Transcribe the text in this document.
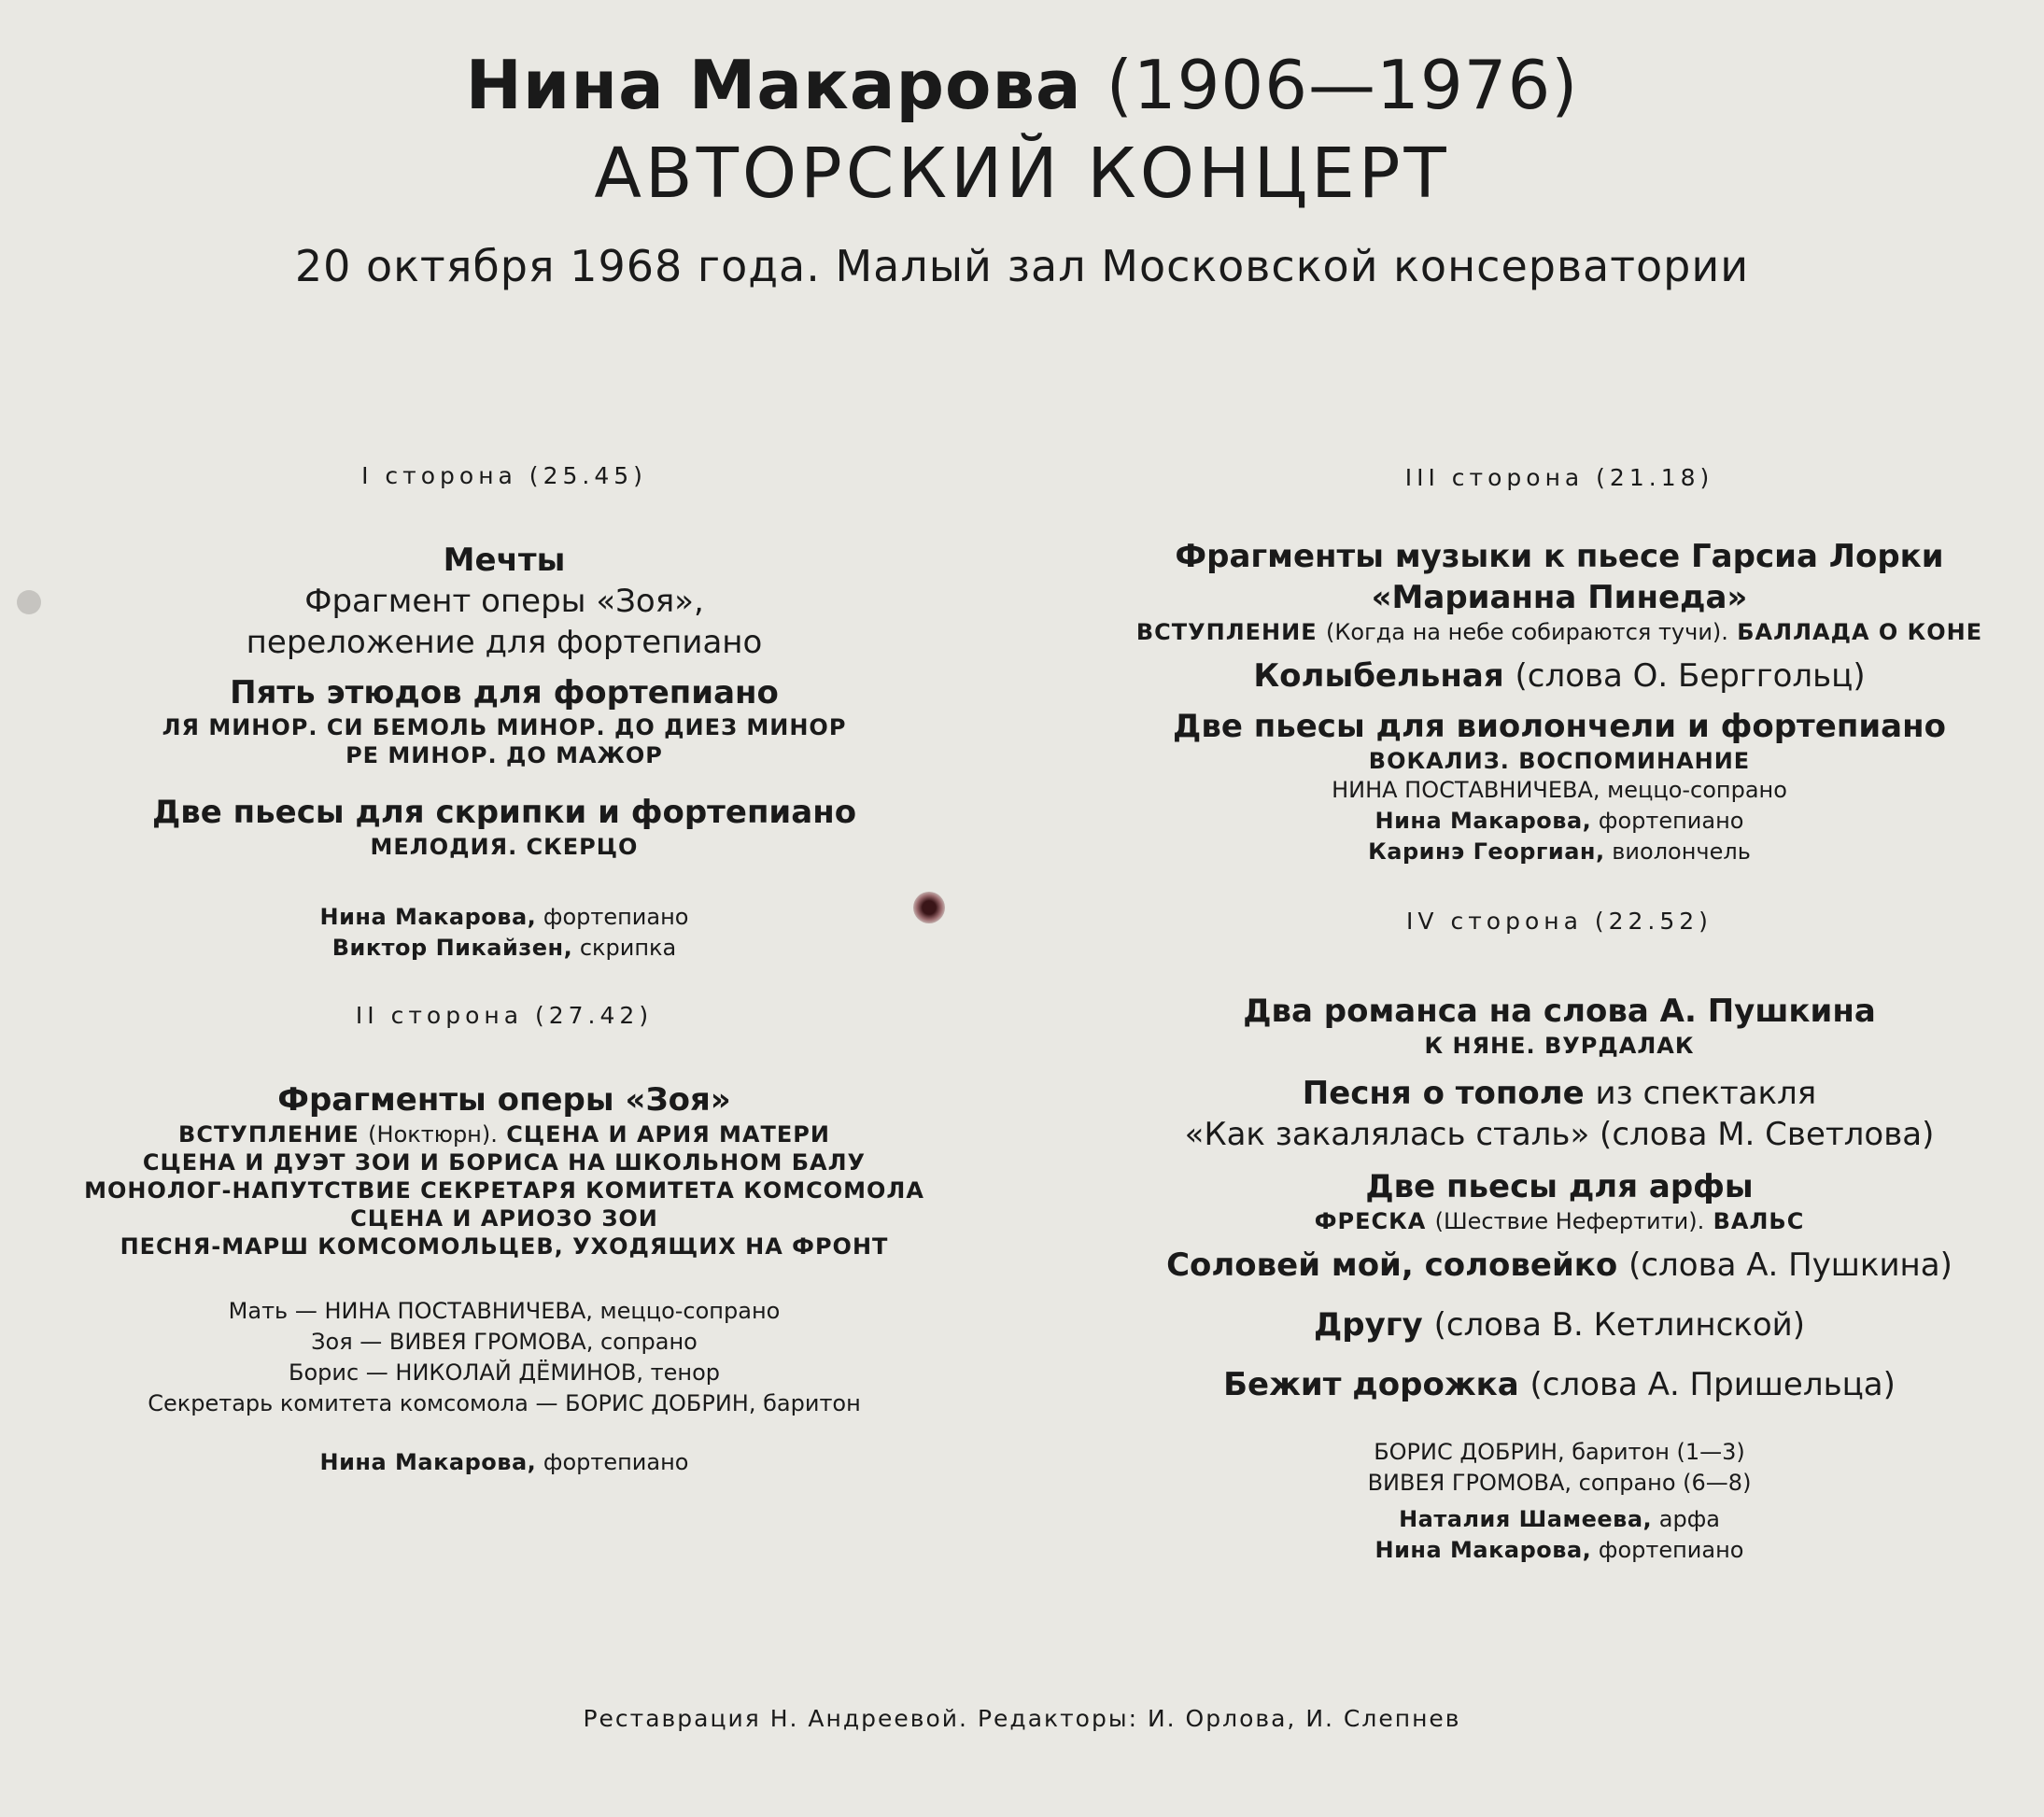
Нина Макарова (1906—1976)
АВТОРСКИЙ КОНЦЕРТ
20 октября 1968 года. Малый зал Московской консерватории
I сторона (25.45)
Мечты
Фрагмент оперы «Зоя»,
переложение для фортепиано
Пять этюдов для фортепиано
ЛЯ МИНОР. СИ БЕМОЛЬ МИНОР. ДО ДИЕЗ МИНОР
РЕ МИНОР. ДО МАЖОР
Две пьесы для скрипки и фортепиано
МЕЛОДИЯ. СКЕРЦО
Нина Макарова, фортепиано
Виктор Пикайзен, скрипка
II сторона (27.42)
Фрагменты оперы «Зоя»
ВСТУПЛЕНИЕ (Ноктюрн). СЦЕНА И АРИЯ МАТЕРИ
СЦЕНА И ДУЭТ ЗОИ И БОРИСА НА ШКОЛЬНОМ БАЛУ
МОНОЛОГ-НАПУТСТВИЕ СЕКРЕТАРЯ КОМИТЕТА КОМСОМОЛА
СЦЕНА И АРИОЗО ЗОИ
ПЕСНЯ-МАРШ КОМСОМОЛЬЦЕВ, УХОДЯЩИХ НА ФРОНТ
Мать — НИНА ПОСТАВНИЧЕВА, меццо-сопрано
Зоя — ВИВЕЯ ГРОМОВА, сопрано
Борис — НИКОЛАЙ ДЁМИНОВ, тенор
Секретарь комитета комсомола — БОРИС ДОБРИН, баритон
Нина Макарова, фортепиано
III сторона (21.18)
Фрагменты музыки к пьесе Гарсиа Лорки
«Марианна Пинеда»
ВСТУПЛЕНИЕ (Когда на небе собираются тучи). БАЛЛАДА О КОНЕ
Колыбельная (слова О. Берггольц)
Две пьесы для виолончели и фортепиано
ВОКАЛИЗ. ВОСПОМИНАНИЕ
НИНА ПОСТАВНИЧЕВА, меццо-сопрано
Нина Макарова, фортепиано
Каринэ Георгиан, виолончель
IV сторона (22.52)
Два романса на слова А. Пушкина
К НЯНЕ. ВУРДАЛАК
Песня о тополе из спектакля
«Как закалялась сталь» (слова М. Светлова)
Две пьесы для арфы
ФРЕСКА (Шествие Нефертити). ВАЛЬС
Соловей мой, соловейко (слова А. Пушкина)
Другу (слова В. Кетлинской)
Бежит дорожка (слова А. Пришельца)
БОРИС ДОБРИН, баритон (1—3)
ВИВЕЯ ГРОМОВА, сопрано (6—8)
Наталия Шамеева, арфа
Нина Макарова, фортепиано
Реставрация Н. Андреевой. Редакторы: И. Орлова, И. Слепнев
